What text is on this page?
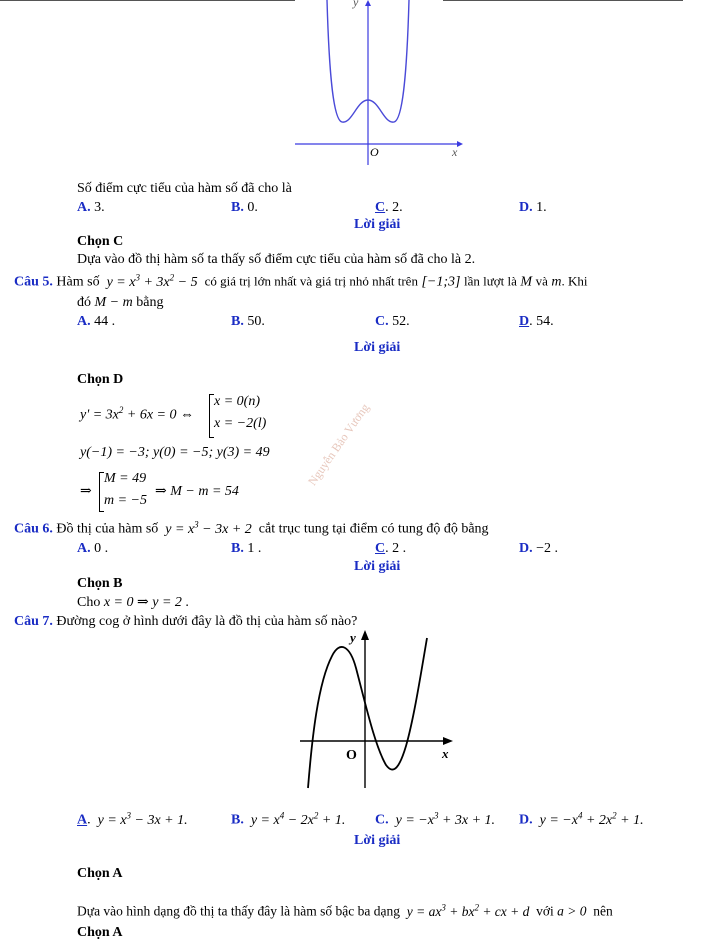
y
O	x
Số điểm cực tiểu của hàm số đã cho là
A. 3.	B. 0.	C. 2.	D. 1.
Lời giải
Chọn C
Dựa vào đồ thị hàm số ta thấy số điểm cực tiểu của hàm số đã cho là 2.
Câu 5. Hàm số $y = x^3 + 3x^2 - 5$ có giá trị lớn nhất và giá trị nhỏ nhất trên [−1;3] lần lượt là M và m. Khi
đó M − m bằng
A. 44 .	B. 50.	C. 52.	D. 54.
Lời giải
Chọn D
$y' = 3x^2 + 6x = 0$ ⇔
x = 0(n)
x = −2(l)
y(−1) = −3; y(0) = −5; y(3) = 49
⇒
M = 49
m = −5
⇒ M − m = 54
Nguyễn Bảo Vương
Câu 6. Đồ thị của hàm số $y = x^3 - 3x + 2$ cắt trục tung tại điểm có tung độ độ bằng
A. 0 .	B. 1 .	C. 2 .	D. −2 .
Lời giải
Chọn B
Cho x = 0 ⇒ y = 2 .
Câu 7. Đường cog ở hình dưới đây là đồ thị của hàm số nào?
y
O	x
A.  $y = x^3 - 3x + 1$.	B.  $y = x^4 - 2x^2 + 1$. C.  $y = -x^3 + 3x + 1$. D.  $y = -x^4 + 2x^2 + 1$.
Lời giải
Chọn A
Dựa vào hình dạng đồ thị ta thấy đây là hàm số bậc ba dạng $y = ax^3 + bx^2$ + cx + d với a > 0 nên
Chọn A
